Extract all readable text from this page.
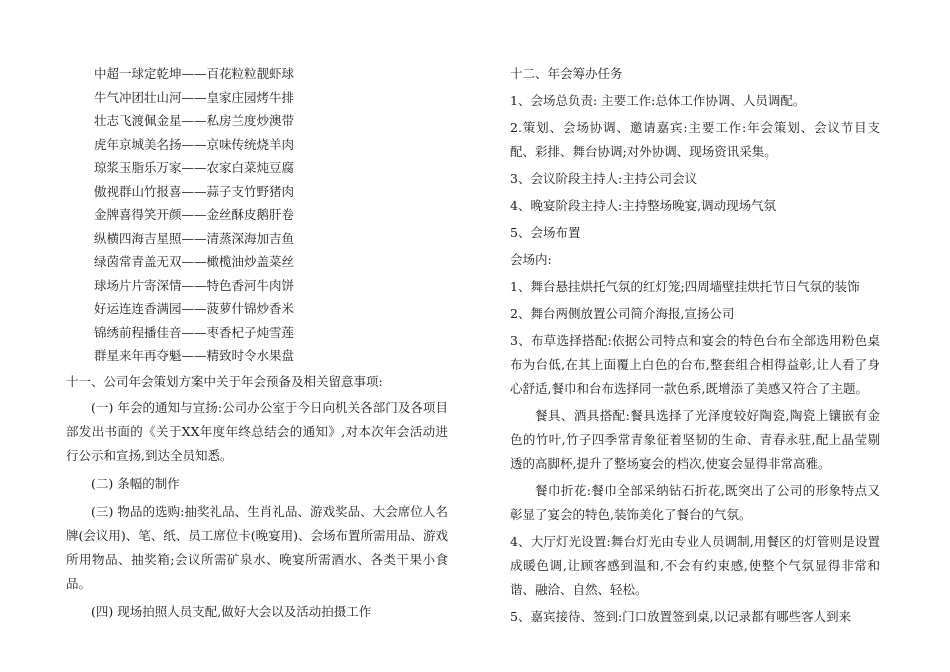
中超一球定乾坤——百花粒粒靓虾球

牛气冲团壮山河——皇家庄园烤牛排

壮志飞渡佩金星——私房兰度炒澳带

虎年京城美名扬——京味传统烧羊肉

琼浆玉脂乐万家——农家白菜炖豆腐

傲视群山竹报喜——蒜子支竹野猪肉

金牌喜得笑开颜——金丝酥皮鹅肝卷

纵横四海吉星照——清蒸深海加吉鱼

绿茵常青盖无双——橄榄油炒盖菜丝

球场片片寄深情——特色香河牛肉饼

好运连连香满园——菠萝什锦炒香米

锦绣前程播佳音——枣香杞子炖雪莲

群星来年再夺魁——精致时令水果盘

十一、公司年会策划方案中关于年会预备及相关留意事项:

(一) 年会的通知与宣扬:公司办公室于今日向机关各部门及各项目部发出书面的《关于XX年度年终总结会的通知》,对本次年会活动进行公示和宣扬,到达全员知悉。

(二) 条幅的制作

(三) 物品的选购:抽奖礼品、生肖礼品、游戏奖品、大会席位人名牌(会议用)、笔、纸、员工席位卡(晚宴用)、会场布置所需用品、游戏所用物品、抽奖箱;会议所需矿泉水、晚宴所需酒水、各类干果小食品。

(四) 现场拍照人员支配,做好大会以及活动拍摄工作

十二、年会筹办任务

1、会场总负责: 主要工作:总体工作协调、人员调配。

2.策划、会场协调、邀请嘉宾:主要工作:年会策划、会议节目支配、彩排、舞台协调;对外协调、现场资讯采集。

3、会议阶段主持人:主持公司会议

4、晚宴阶段主持人:主持整场晚宴,调动现场气氛

5、会场布置

会场内:

1、舞台悬挂烘托气氛的红灯笼;四周墙壁挂烘托节日气氛的装饰

2、舞台两侧放置公司简介海报,宣扬公司

3、布草选择搭配:依据公司特点和宴会的特色台布全部选用粉色桌布为台低,在其上面覆上白色的台布,整套组合相得益彰,让人看了身心舒适,餐巾和台布选择同一款色系,既增添了美感又符合了主题。

餐具、酒具搭配:餐具选择了光泽度较好陶瓷,陶瓷上镶嵌有金色的竹叶,竹子四季常青象征着坚韧的生命、青春永驻,配上晶莹剔透的高脚杯,提升了整场宴会的档次,使宴会显得非常高雅。

餐巾折花:餐巾全部采纳钻石折花,既突出了公司的形象特点又彰显了宴会的特色,装饰美化了餐台的气氛。

4、大厅灯光设置:舞台灯光由专业人员调制,用餐区的灯管则是设置成暖色调,让顾客感到温和,不会有约束感,使整个气氛显得非常和谐、融洽、自然、轻松。

5、嘉宾接待、签到:门口放置签到桌,以记录都有哪些客人到来
